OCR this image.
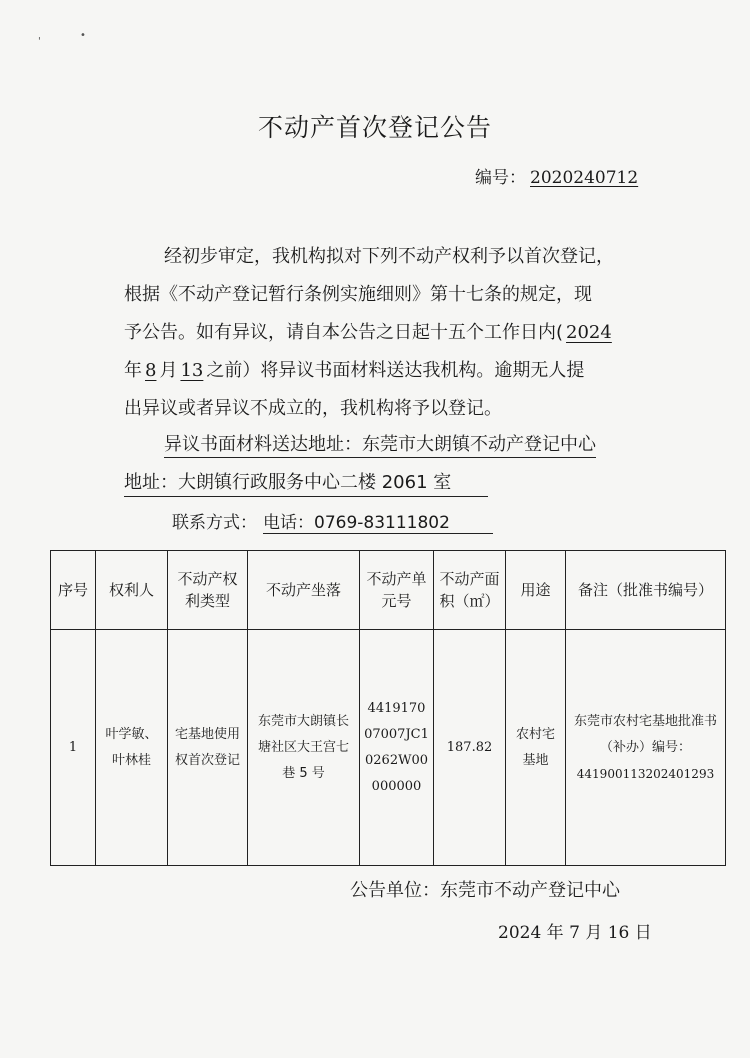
'
•
不动产首次登记公告
编号： 2020240712
经初步审定，我机构拟对下列不动产权利予以首次登记，
根据《不动产登记暂行条例实施细则》第十七条的规定，现
予公告。如有异议，请自本公告之日起十五个工作日内( 2024
年 8 月 13 之前）将异议书面材料送达我机构。逾期无人提
出异议或者异议不成立的，我机构将予以登记。
异议书面材料送达地址：东莞市大朗镇不动产登记中心
地址：大朗镇行政服务中心二楼 2061 室
联系方式： 电话：0769-83111802
序号	权利人	不动产权利类型	不动产坐落	不动产单元号	不动产面积（㎡）	用途	备注（批准书编号）
1	叶学敏、叶林桂	宅基地使用权首次登记	东莞市大朗镇长塘社区大王宫七巷 5 号	441917007007JC10262W00000000	187.82	农村宅基地	东莞市农村宅基地批准书（补办）编号：
441900113202401293
公告单位：东莞市不动产登记中心
2024 年 7 月 16 日
